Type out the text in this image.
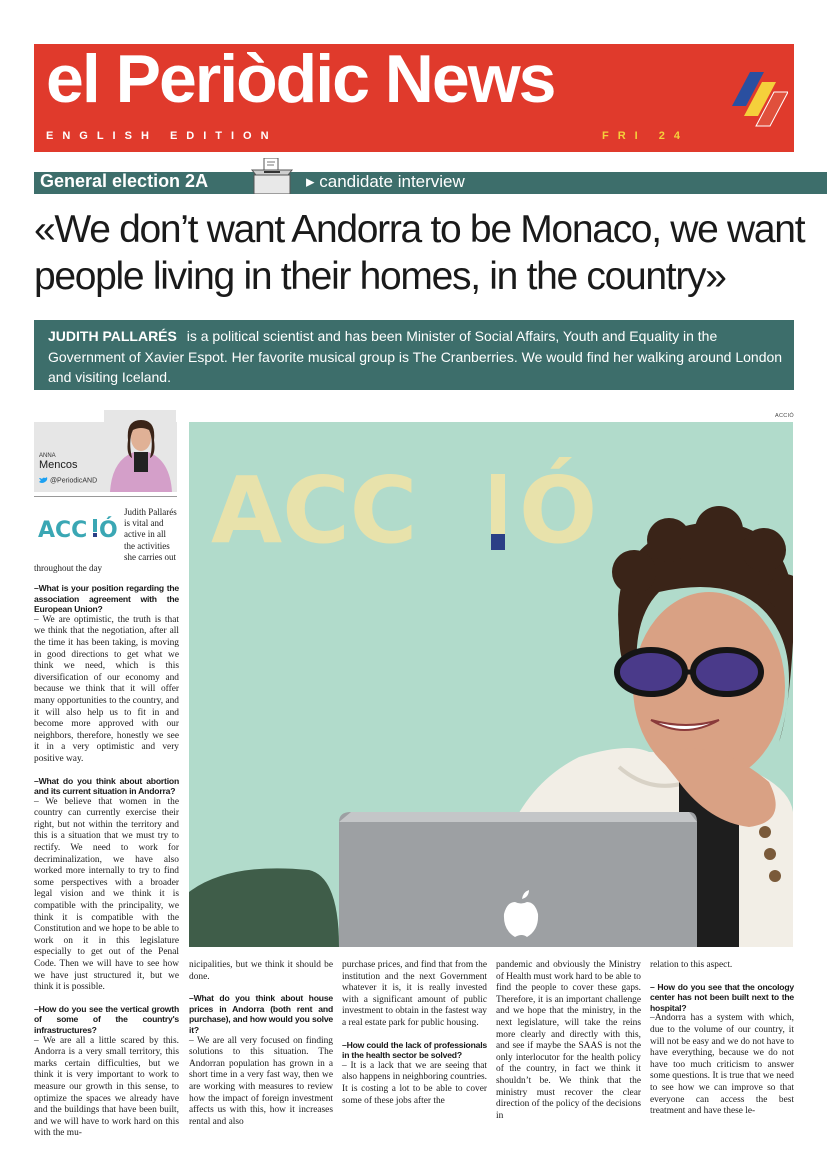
el Periòdic News
ENGLISH EDITION	FRI 24
General election 2A	▸ candidate interview
«We don’t want Andorra to be Monaco, we want people living in their homes, in the country»
JUDITH PALLARÉS is a political scientist and has been Minister of Social Affairs, Youth and Equality in the Government of Xavier Espot. Her favorite musical group is The Cranberries. We would find her walking around London and visiting Iceland.
ACCIÓ
ACC Ó
ANNA
Mencos
@PeriodicAND
Judith Pallarés is vital and active in all the activities she carries out throughout the day
ACC Ó

–What is your position regarding the association agreement with the European Union?

– We are optimistic, the truth is that we think that the negotiation, after all the time it has been taking, is moving in good directions to get what we think we need, which is this diversification of our economy and because we think that it will offer many opportunities to the country, and it will also help us to fit in and become more approved with our neighbors, therefore, honestly we see it in a very optimistic and very positive way.

–What do you think about abortion and its current situation in Andorra?

– We believe that women in the country can currently exercise their right, but not within the territory and this is a situation that we must try to rectify. We need to work for decriminalization, we have also worked more internally to try to find some perspectives with a broader legal vision and we think it is compatible with the principality, we think it is compatible with the Constitution and we hope to be able to work on it in this legislature especially to get out of the Penal Code. Then we will have to see how we have just structured it, but we think it is possible.

–How do you see the vertical growth of some of the country's infrastructures?

– We are all a little scared by this. Andorra is a very small territory, this marks certain difficulties, but we think it is very important to work to measure our growth in this sense, to optimize the spaces we already have and the buildings that have been built, and we will have to work hard on this with the mu-

nicipalities, but we think it should be done.

–What do you think about house prices in Andorra (both rent and purchase), and how would you solve it?

– We are all very focused on finding solutions to this situation. The Andorran population has grown in a short time in a very fast way, then we are working with measures to review how the impact of foreign investment affects us with this, how it increases rental and also

purchase prices, and find that from the institution and the next Government whatever it is, it is really invested with a significant amount of public investment to obtain in the fastest way a real estate park for public housing.

–How could the lack of professionals in the health sector be solved?

– It is a lack that we are seeing that also happens in neighboring countries. It is costing a lot to be able to cover some of these jobs after the

pandemic and obviously the Ministry of Health must work hard to be able to find the people to cover these gaps. Therefore, it is an important challenge and we hope that the ministry, in the next legislature, will take the reins more clearly and directly with this, and see if maybe the SAAS is not the only interlocutor for the health policy of the country, in fact we think it shouldn’t be. We think that the ministry must recover the clear direction of the policy of the decisions in

relation to this aspect.

– How do you see that the oncology center has not been built next to the hospital?

–Andorra has a system with which, due to the volume of our country, it will not be easy and we do not have to have everything, because we do not have too much criticism to answer some questions. It is true that we need to see how we can improve so that everyone can access the best treatment and have these le-
